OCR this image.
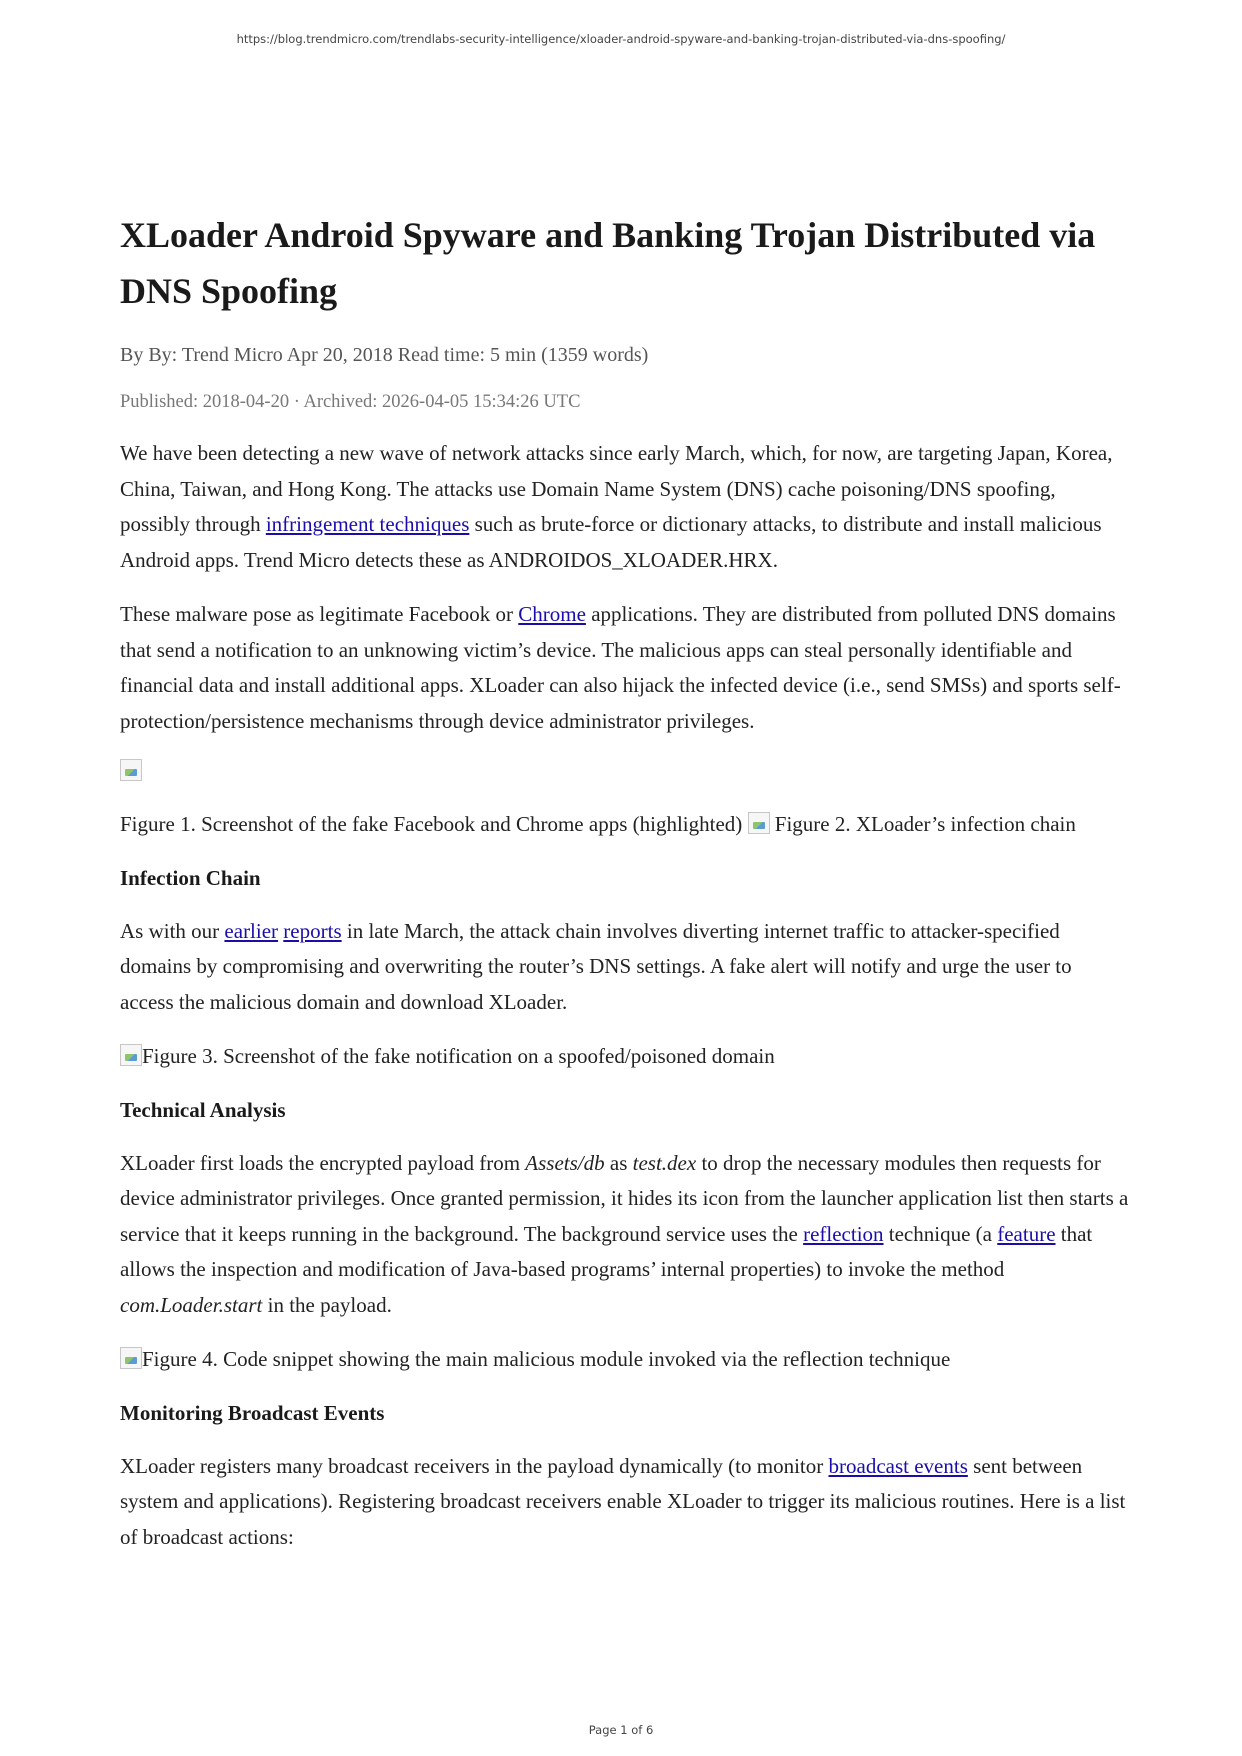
https://blog.trendmicro.com/trendlabs-security-intelligence/xloader-android-spyware-and-banking-trojan-distributed-via-dns-spoofing/
XLoader Android Spyware and Banking Trojan Distributed via DNS Spoofing
By By: Trend Micro Apr 20, 2018 Read time: 5 min (1359 words)
Published: 2018-04-20 · Archived: 2026-04-05 15:34:26 UTC

We have been detecting a new wave of network attacks since early March, which, for now, are targeting Japan, Korea, China, Taiwan, and Hong Kong. The attacks use Domain Name System (DNS) cache poisoning/DNS spoofing, possibly through infringement techniques such as brute-force or dictionary attacks, to distribute and install malicious Android apps. Trend Micro detects these as ANDROIDOS_XLOADER.HRX.

These malware pose as legitimate Facebook or Chrome applications. They are distributed from polluted DNS domains that send a notification to an unknowing victim’s device. The malicious apps can steal personally identifiable and financial data and install additional apps. XLoader can also hijack the infected device (i.e., send SMSs) and sports self-protection/persistence mechanisms through device administrator privileges.

Figure 1. Screenshot of the fake Facebook and Chrome apps (highlighted)  Figure 2. XLoader’s infection chain

Infection Chain

As with our earlier reports in late March, the attack chain involves diverting internet traffic to attacker-specified domains by compromising and overwriting the router’s DNS settings. A fake alert will notify and urge the user to access the malicious domain and download XLoader.

Figure 3. Screenshot of the fake notification on a spoofed/poisoned domain

Technical Analysis

XLoader first loads the encrypted payload from Assets/db as test.dex to drop the necessary modules then requests for device administrator privileges. Once granted permission, it hides its icon from the launcher application list then starts a service that it keeps running in the background. The background service uses the reflection technique (a feature that allows the inspection and modification of Java-based programs’ internal properties) to invoke the method com.Loader.start in the payload.

Figure 4. Code snippet showing the main malicious module invoked via the reflection technique

Monitoring Broadcast Events

XLoader registers many broadcast receivers in the payload dynamically (to monitor broadcast events sent between system and applications). Registering broadcast receivers enable XLoader to trigger its malicious routines. Here is a list of broadcast actions:

Page 1 of 6
